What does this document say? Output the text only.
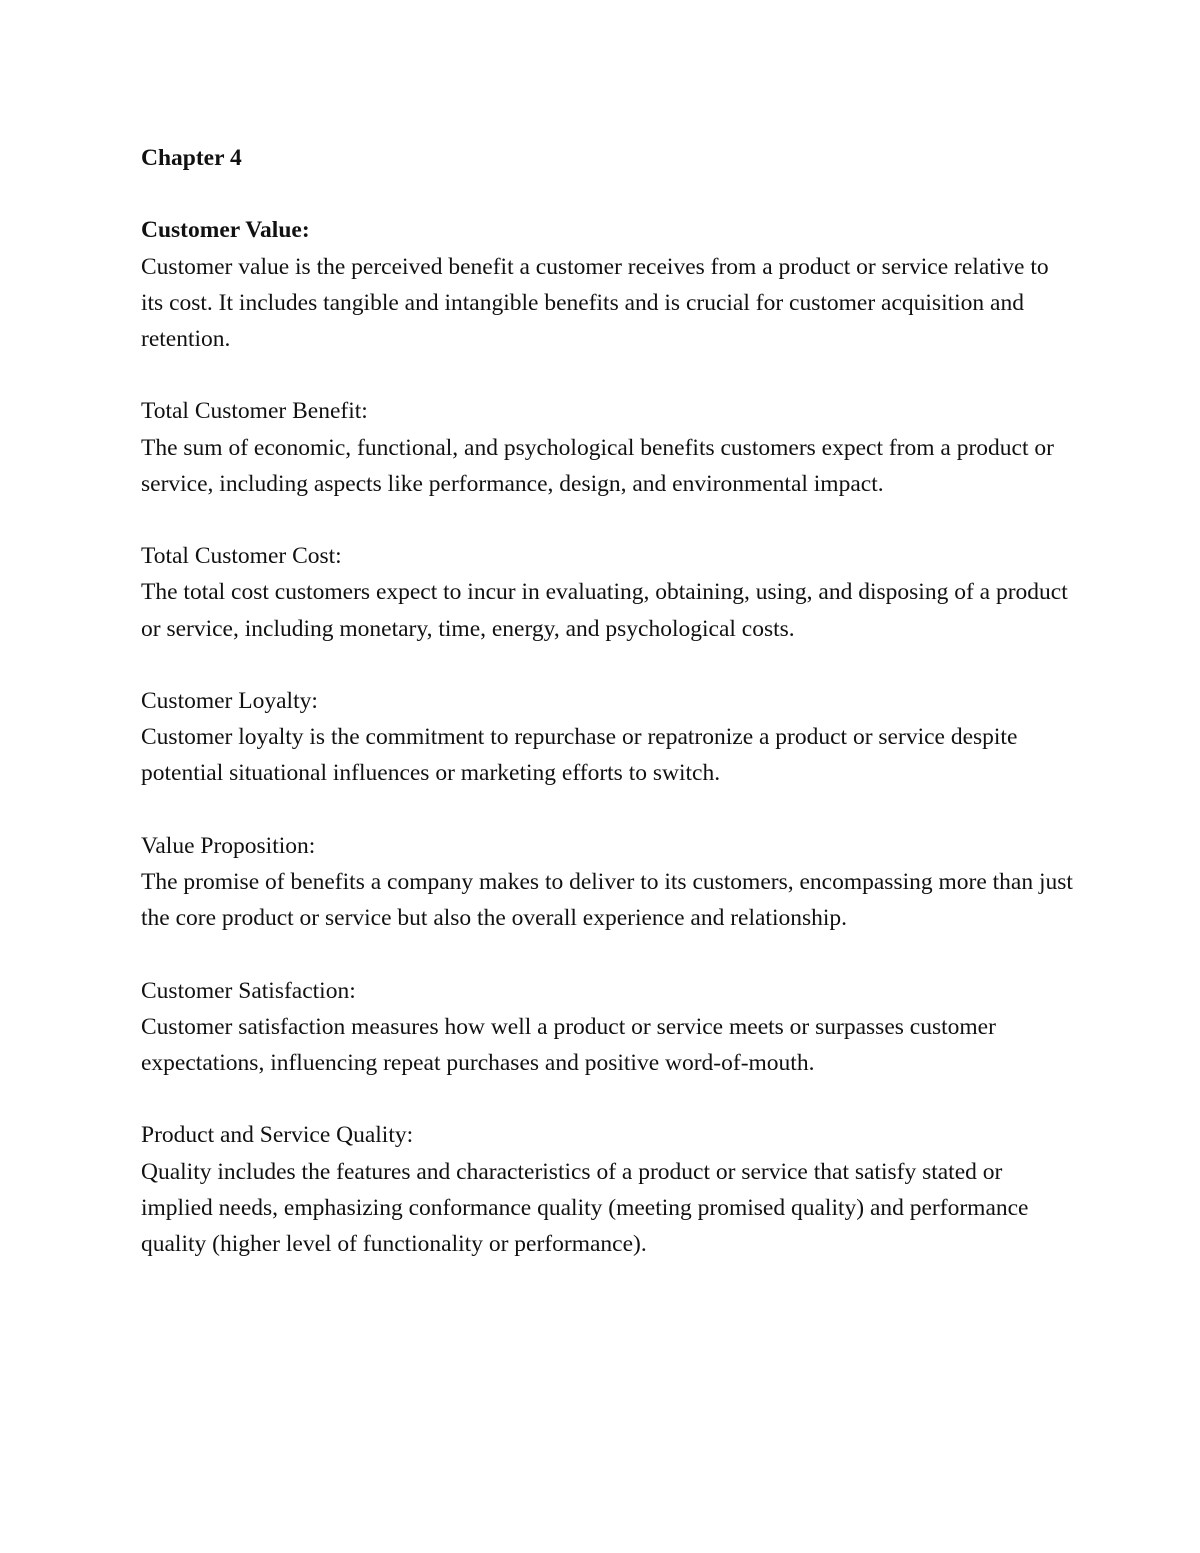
Chapter 4
Customer Value:

Customer value is the perceived benefit a customer receives from a product or service relative to its cost. It includes tangible and intangible benefits and is crucial for customer acquisition and retention.

Total Customer Benefit:

The sum of economic, functional, and psychological benefits customers expect from a product or service, including aspects like performance, design, and environmental impact.

Total Customer Cost:

The total cost customers expect to incur in evaluating, obtaining, using, and disposing of a product or service, including monetary, time, energy, and psychological costs.

Customer Loyalty:

Customer loyalty is the commitment to repurchase or repatronize a product or service despite potential situational influences or marketing efforts to switch.

Value Proposition:

The promise of benefits a company makes to deliver to its customers, encompassing more than just the core product or service but also the overall experience and relationship.

Customer Satisfaction:

Customer satisfaction measures how well a product or service meets or surpasses customer expectations, influencing repeat purchases and positive word-of-mouth.

Product and Service Quality:

Quality includes the features and characteristics of a product or service that satisfy stated or implied needs, emphasizing conformance quality (meeting promised quality) and performance quality (higher level of functionality or performance).
